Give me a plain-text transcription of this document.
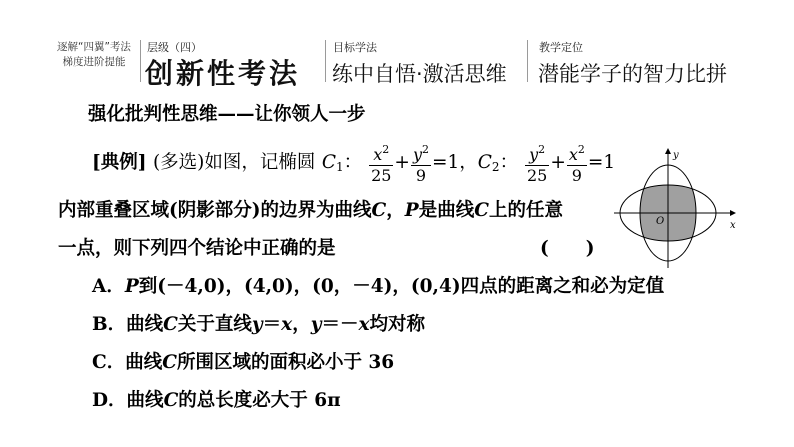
逐解“四翼”考法
梯度进阶提能
层级（四）
创新性考法
目标学法
练中自悟·激活思维
教学定位
潜能学子的智力比拼
强化批判性思维——让你领人一步
[典例] (多选)如图，记椭圆 $C_1$： $\frac{x^2}{25} + \frac{y^2}{9} =1$，$C_2$： $\frac{y^2}{25} + \frac{x^2}{9} =1$
内部重叠区域(阴影部分)的边界为曲线C，P是曲线C上的任意
一点，则下列四个结论中正确的是	(　　)
A．P到(－4,0)，(4,0)，(0，－4)，(0,4)四点的距离之和必为定值
B．曲线C关于直线y＝x，y＝－x均对称
C．曲线C所围区域的面积必小于 36
D．曲线C的总长度必大于 6π
x
y
O
